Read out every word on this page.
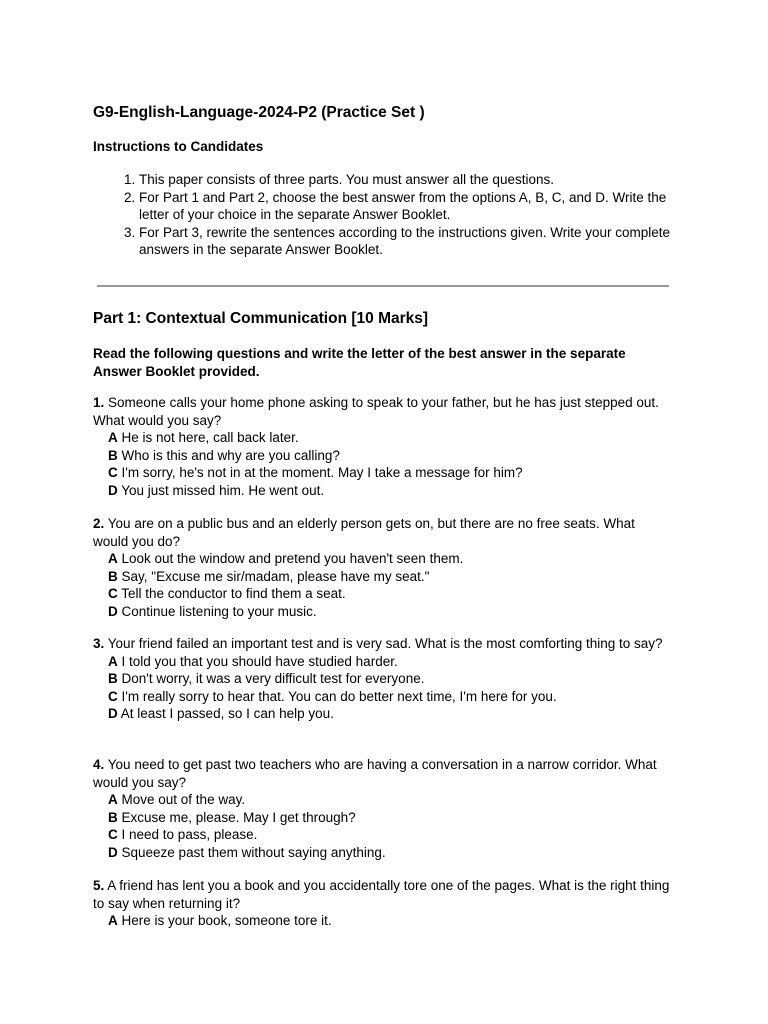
G9-English-Language-2024-P2 (Practice Set )
Instructions to Candidates
1. This paper consists of three parts. You must answer all the questions.
2. For Part 1 and Part 2, choose the best answer from the options A, B, C, and D. Write the letter of your choice in the separate Answer Booklet.
3. For Part 3, rewrite the sentences according to the instructions given. Write your complete answers in the separate Answer Booklet.
Part 1: Contextual Communication [10 Marks]

Read the following questions and write the letter of the best answer in the separate Answer Booklet provided.

1. Someone calls your home phone asking to speak to your father, but he has just stepped out. What would you say?

A He is not here, call back later.

B Who is this and why are you calling?

C I'm sorry, he's not in at the moment. May I take a message for him?

D You just missed him. He went out.

2. You are on a public bus and an elderly person gets on, but there are no free seats. What would you do?

A Look out the window and pretend you haven't seen them.

B Say, "Excuse me sir/madam, please have my seat."

C Tell the conductor to find them a seat.

D Continue listening to your music.

3. Your friend failed an important test and is very sad. What is the most comforting thing to say?

A I told you that you should have studied harder.

B Don't worry, it was a very difficult test for everyone.

C I'm really sorry to hear that. You can do better next time, I'm here for you.

D At least I passed, so I can help you.

4. You need to get past two teachers who are having a conversation in a narrow corridor. What would you say?

A Move out of the way.

B Excuse me, please. May I get through?

C I need to pass, please.

D Squeeze past them without saying anything.

5. A friend has lent you a book and you accidentally tore one of the pages. What is the right thing to say when returning it?

A Here is your book, someone tore it.
